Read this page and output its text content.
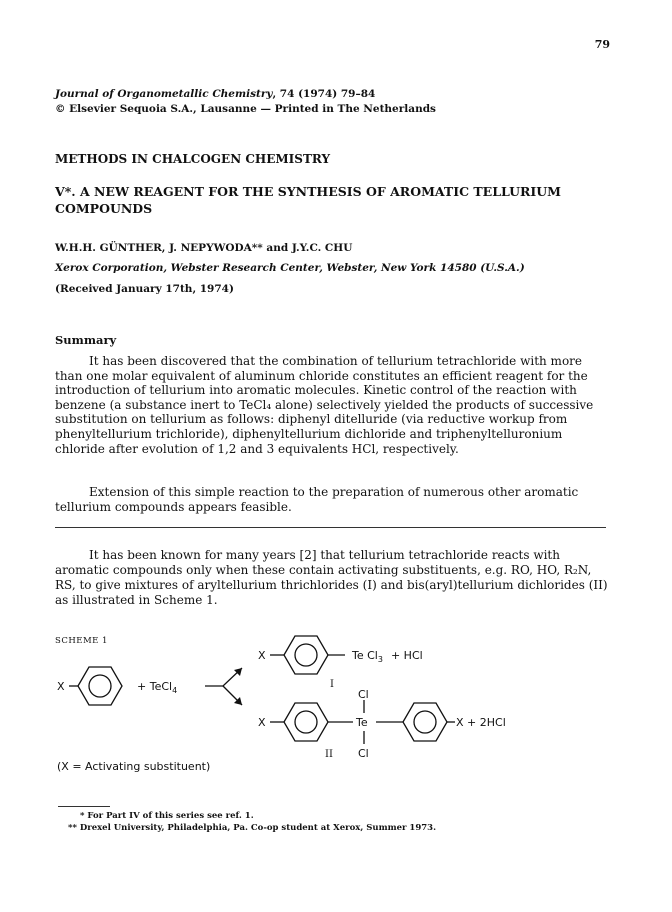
79
Journal of Organometallic Chemistry, 74 (1974) 79–84
© Elsevier Sequoia S.A., Lausanne — Printed in The Netherlands
METHODS IN CHALCOGEN CHEMISTRY
V*. A NEW REAGENT FOR THE SYNTHESIS OF AROMATIC TELLURIUM COMPOUNDS
W.H.H. GÜNTHER, J. NEPYWODA** and J.Y.C. CHU
Xerox Corporation, Webster Research Center, Webster, New York 14580 (U.S.A.)
(Received January 17th, 1974)
Summary

It has been discovered that the combination of tellurium tetrachloride with more than one molar equivalent of aluminum chloride constitutes an efficient reagent for the introduction of tellurium into aromatic molecules. Kinetic control of the reaction with benzene (a substance inert to TeCl₄ alone) selectively yielded the products of successive substitution on tellurium as follows: diphenyl ditelluride (via reductive workup from phenyltellurium trichloride), diphenyltellurium dichloride and triphenyltelluronium chloride after evolution of 1,2 and 3 equivalents HCl, respectively.

Extension of this simple reaction to the preparation of numerous other aromatic tellurium compounds appears feasible.

It has been known for many years [2] that tellurium tetrachloride reacts with aromatic compounds only when these contain activating substituents, e.g. RO, HO, R₂N, RS, to give mixtures of aryltellurium thrichlorides (I) and bis(aryl)tellurium dichlorides (II) as illustrated in Scheme 1.

SCHEME 1
X	+ TeCl$_4$
X	Te $Cl_3$ + HCl
I
X	Te
Cl
Cl
X + 2HCl
II
(X = Activating substituent)
* For Part IV of this series see ref. 1.
** Drexel University, Philadelphia, Pa. Co-op student at Xerox, Summer 1973.
